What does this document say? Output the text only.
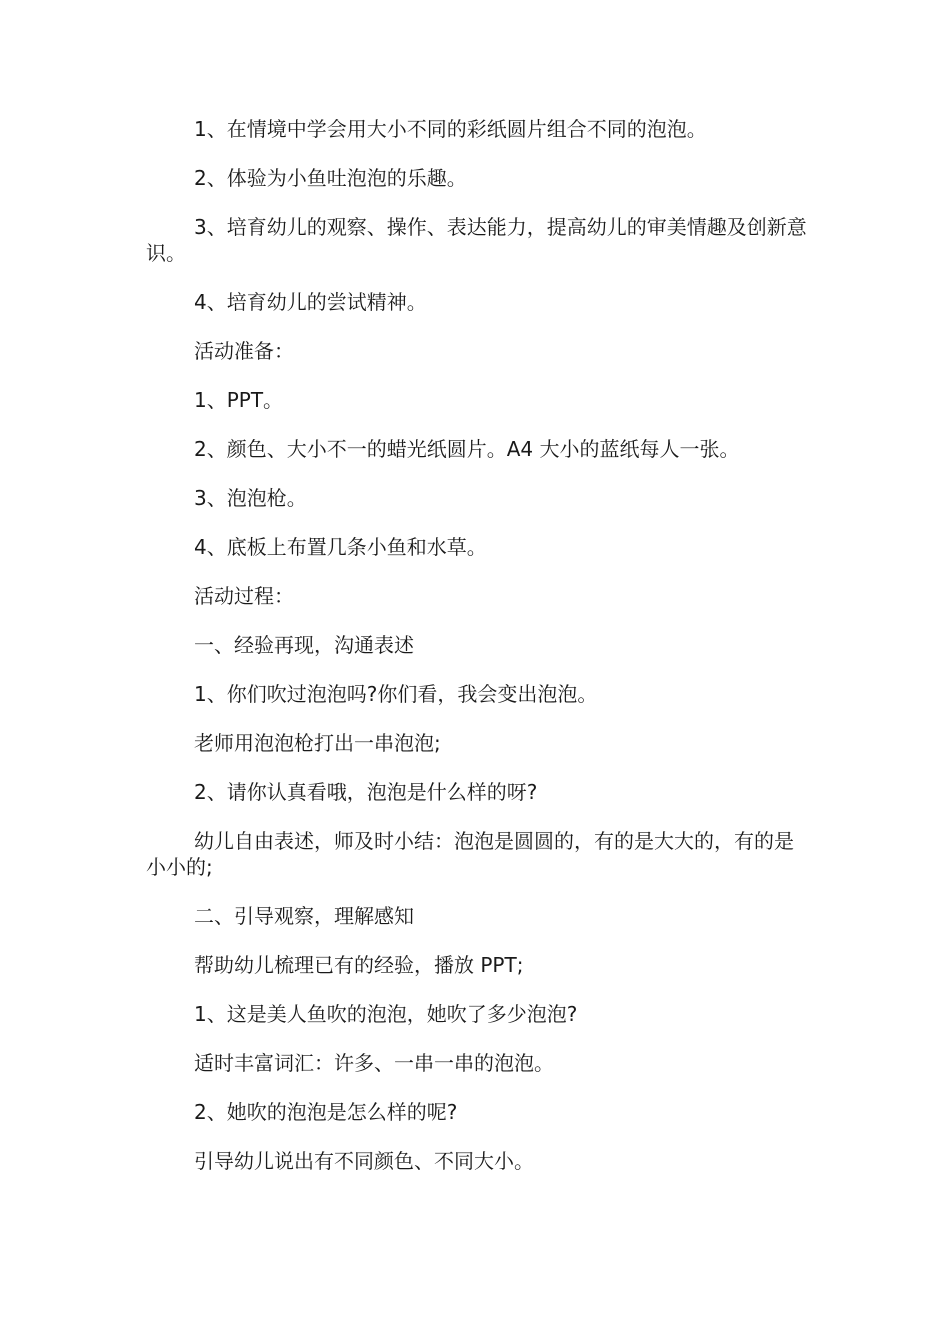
1、在情境中学会用大小不同的彩纸圆片组合不同的泡泡。

2、体验为小鱼吐泡泡的乐趣。

3、培育幼儿的观察、操作、表达能力，提高幼儿的审美情趣及创新意识。

4、培育幼儿的尝试精神。

活动准备：

1、PPT。

2、颜色、大小不一的蜡光纸圆片。A4 大小的蓝纸每人一张。

3、泡泡枪。

4、底板上布置几条小鱼和水草。

活动过程：

一、经验再现，沟通表述

1、你们吹过泡泡吗?你们看，我会变出泡泡。

老师用泡泡枪打出一串泡泡;

2、请你认真看哦，泡泡是什么样的呀?

幼儿自由表述，师及时小结：泡泡是圆圆的，有的是大大的，有的是小小的;

二、引导观察，理解感知

帮助幼儿梳理已有的经验，播放 PPT;

1、这是美人鱼吹的泡泡，她吹了多少泡泡?

适时丰富词汇：许多、一串一串的泡泡。

2、她吹的泡泡是怎么样的呢?

引导幼儿说出有不同颜色、不同大小。
